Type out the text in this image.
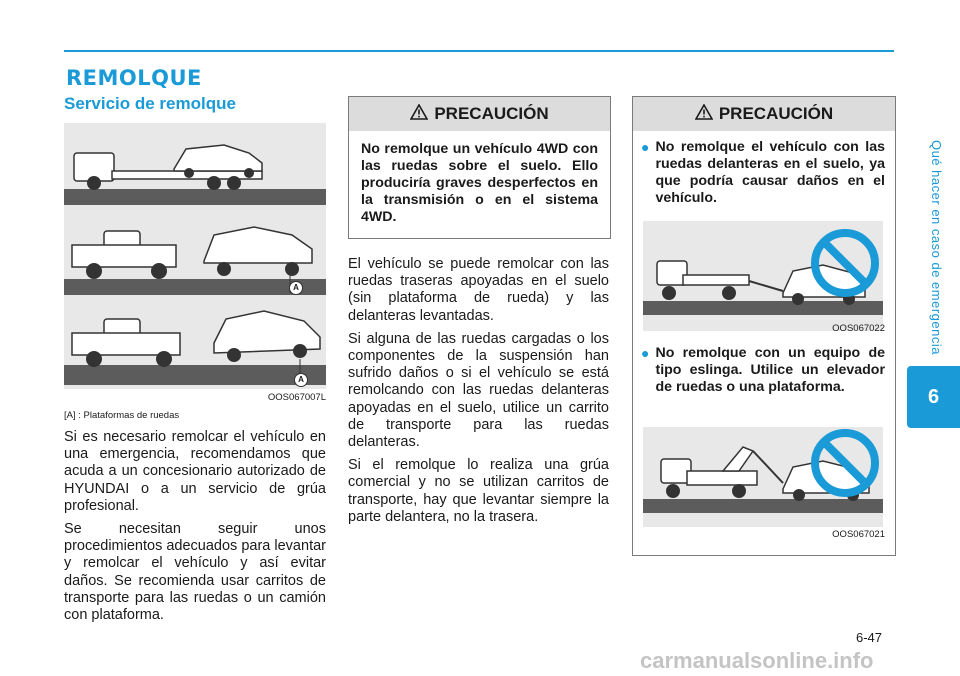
REMOLQUE
Servicio de remolque
A
A
OOS067007L
[A] : Plataformas de ruedas

Si es necesario remolcar el vehículo en una emergencia, recomendamos que acuda a un concesionario autorizado de HYUNDAI o a un servicio de grúa profesional.

Se necesitan seguir unos procedimientos adecuados para levantar y remolcar el vehículo y así evitar daños. Se recomienda usar carritos de transporte para las ruedas o un camión con plataforma.

PRECAUCIÓN
No remolque un vehículo 4WD con las ruedas sobre el suelo. Ello produciría graves desperfectos en la transmisión o en el sistema 4WD.

El vehículo se puede remolcar con las ruedas traseras apoyadas en el suelo (sin plataforma de rueda) y las delanteras levantadas.

Si alguna de las ruedas cargadas o los componentes de la suspensión han sufrido daños o si el vehículo se está remolcando con las ruedas delanteras apoyadas en el suelo, utilice un carrito de transporte para las ruedas delanteras.

Si el remolque lo realiza una grúa comercial y no se utilizan carritos de transporte, hay que levantar siempre la parte delantera, no la trasera.

PRECAUCIÓN
● No remolque el vehículo con las ruedas delanteras en el suelo, ya que podría causar daños en el vehículo.
OOS067022
● No remolque con un equipo de tipo eslinga. Utilice un elevador de ruedas o una plataforma.
OOS067021
Qué hacer en caso de emergencia
6
6-47
carmanualsonline.info
